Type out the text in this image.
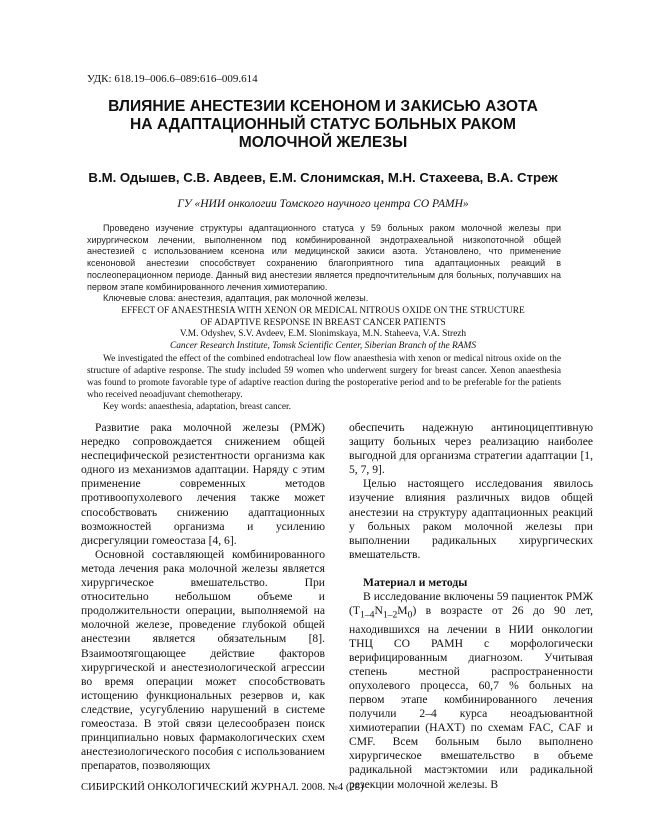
УДК: 618.19–006.6–089:616–009.614
ВЛИЯНИЕ АНЕСТЕЗИИ КСЕНОНОМ И ЗАКИСЬЮ АЗОТА
НА АДАПТАЦИОННЫЙ СТАТУС БОЛЬНЫХ РАКОМ
МОЛОЧНОЙ ЖЕЛЕЗЫ
В.М. Одышев, С.В. Авдеев, Е.М. Слонимская, М.Н. Стахеева, В.А. Стреж
ГУ «НИИ онкологии Томского научного центра СО РАМН»

Проведено изучение структуры адаптационного статуса у 59 больных раком молочной железы при хирургическом лечении, выполненном под комбинированной эндотрахеальной низкопоточной общей анестезией с использованием ксенона или медицинской закиси азота. Установлено, что применение ксеноновой анестезии способствует сохранению благоприятного типа адаптационных реакций в послеоперационном периоде. Данный вид анестезии является предпочтительным для больных, получавших на первом этапе комбинированного лечения химиотерапию.

Ключевые слова: анестезия, адаптация, рак молочной железы.

EFFECT OF ANAESTHESIA WITH XENON OR MEDICAL NITROUS OXIDE ON THE STRUCTURE
OF ADAPTIVE RESPONSE IN BREAST CANCER PATIENTS
V.M. Odyshev, S.V. Avdeev, E.M. Slonimskaya, M.N. Staheeva, V.A. Strezh
Cancer Research Institute, Tomsk Scientific Center, Siberian Branch of the RAMS

We investigated the effect of the combined endotracheal low flow anaesthesia with xenon or medical nitrous oxide on the structure of adaptive response. The study included 59 women who underwent surgery for breast cancer. Xenon anaesthesia was found to promote favorable type of adaptive reaction during the postoperative period and to be preferable for the patients who received neoadjuvant chemotherapy.

Key words: anaesthesia, adaptation, breast cancer.

Развитие рака молочной железы (РМЖ) нередко сопровождается снижением общей неспецифической резистентности организма как одного из механизмов адаптации. Наряду с этим применение современных методов противоопухолевого лечения также может способствовать снижению адаптационных возможностей организма и усилению дисрегуляции гомеостаза [4, 6].

Основной составляющей комбинированного метода лечения рака молочной железы является хирургическое вмешательство. При относительно небольшом объеме и продолжительности операции, выполняемой на молочной железе, проведение глубокой общей анестезии является обязательным [8]. Взаимоотягощающее действие факторов хирургической и анестезиологической агрессии во время операции может способствовать истощению функциональных резервов и, как следствие, усугублению нарушений в системе гомеостаза. В этой связи целесообразен поиск принципиально новых фармакологических схем анестезиологического пособия с использованием препаратов, позволяющих

обеспечить надежную антиноцицептивную защиту больных через реализацию наиболее выгодной для организма стратегии адаптации [1, 5, 7, 9].

Целью настоящего исследования явилось изучение влияния различных видов общей анестезии на структуру адаптационных реакций у больных раком молочной железы при выполнении радикальных хирургических вмешательств.

Материал и методы

В исследование включены 59 пациенток РМЖ $(T_{1-4}N_{1-2}M_0)$ в возрасте от 26 до 90 лет, находившихся на лечении в НИИ онкологии ТНЦ СО РАМН с морфологически верифицированным диагнозом. Учитывая степень местной распространенности опухолевого процесса, 60,7 % больных на первом этапе комбинированного лечения получили 2–4 курса неоадъювантной химиотерапии (НАХТ) по схемам FAC, CAF и CMF. Всем больным было выполнено хирургическое вмешательство в объеме радикальной мастэктомии или радикальной резекции молочной железы. В

СИБИРСКИЙ ОНКОЛОГИЧЕСКИЙ ЖУРНАЛ. 2008. №4 (28)
